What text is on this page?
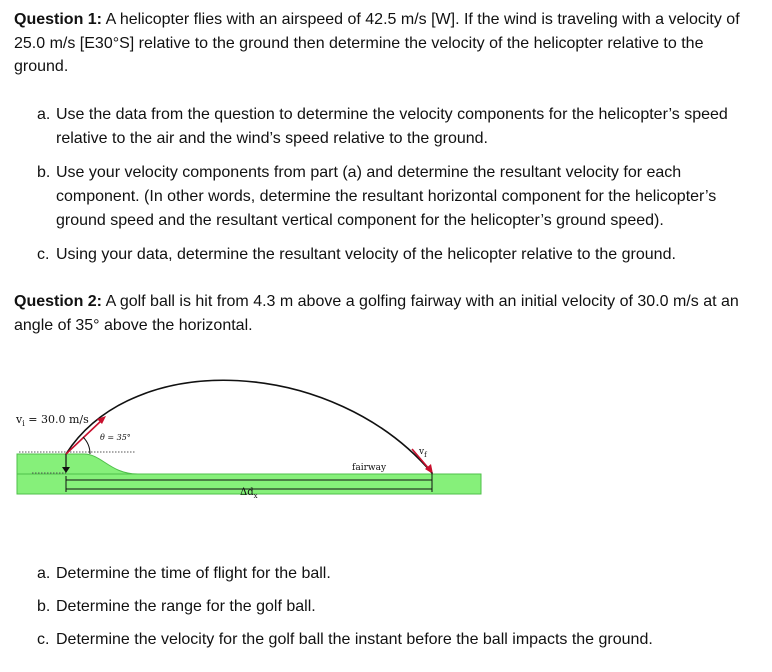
Question 1: A helicopter flies with an airspeed of 42.5 m/s [W]. If the wind is traveling with a velocity of 25.0 m/s [E30°S] relative to the ground then determine the velocity of the helicopter relative to the ground.

a. Use the data from the question to determine the velocity components for the helicopter’s speed relative to the air and the wind’s speed relative to the ground.
b. Use your velocity components from part (a) and determine the resultant velocity for each component. (In other words, determine the resultant horizontal component for the helicopter’s ground speed and the resultant vertical component for the helicopter’s ground speed).
c. Using your data, determine the resultant velocity of the helicopter relative to the ground.

Question 2: A golf ball is hit from 4.3 m above a golfing fairway with an initial velocity of 30.0 m/s at an angle of 35° above the horizontal.

$v_i = 30.0$ m/s
θ = 35°
fairway
$v_f$
$\Delta d_x$
a. Determine the time of flight for the ball.
b. Determine the range for the golf ball.
c. Determine the velocity for the golf ball the instant before the ball impacts the ground.
